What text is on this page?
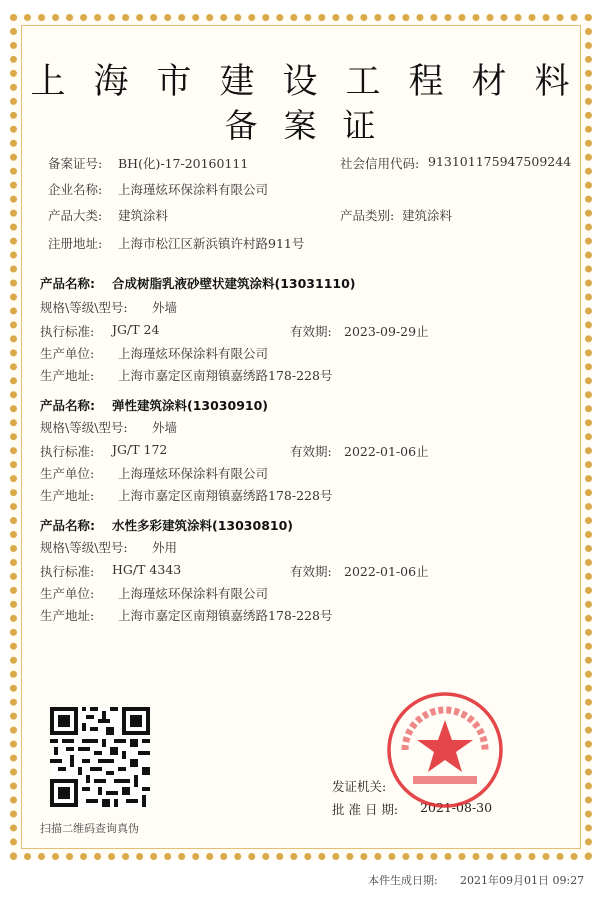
上海市建设工程材料
备案证
备案证号: BH(化)-17-20160111	社会信用代码: 913101175947509244
企业名称: 上海瑾炫环保涂料有限公司
产品大类: 建筑涂料	产品类别: 建筑涂料
注册地址: 上海市松江区新浜镇许村路911号
产品名称: 合成树脂乳液砂壁状建筑涂料(13031110)
规格\等级\型号: 外墙
执行标准: JG/T 24	有效期: 2023-09-29止
生产单位: 上海瑾炫环保涂料有限公司
生产地址: 上海市嘉定区南翔镇嘉绣路178-228号
产品名称: 弹性建筑涂料(13030910)
规格\等级\型号: 外墙
执行标准: JG/T 172	有效期: 2022-01-06止
生产单位: 上海瑾炫环保涂料有限公司
生产地址: 上海市嘉定区南翔镇嘉绣路178-228号
产品名称: 水性多彩建筑涂料(13030810)
规格\等级\型号: 外用
执行标准: HG/T 4343	有效期: 2022-01-06止
生产单位: 上海瑾炫环保涂料有限公司
生产地址: 上海市嘉定区南翔镇嘉绣路178-228号
扫描二维码查询真伪
发证机关:
批 准 日 期: 2021-08-30
本件生成日期: 2021年09月01日 09:27
